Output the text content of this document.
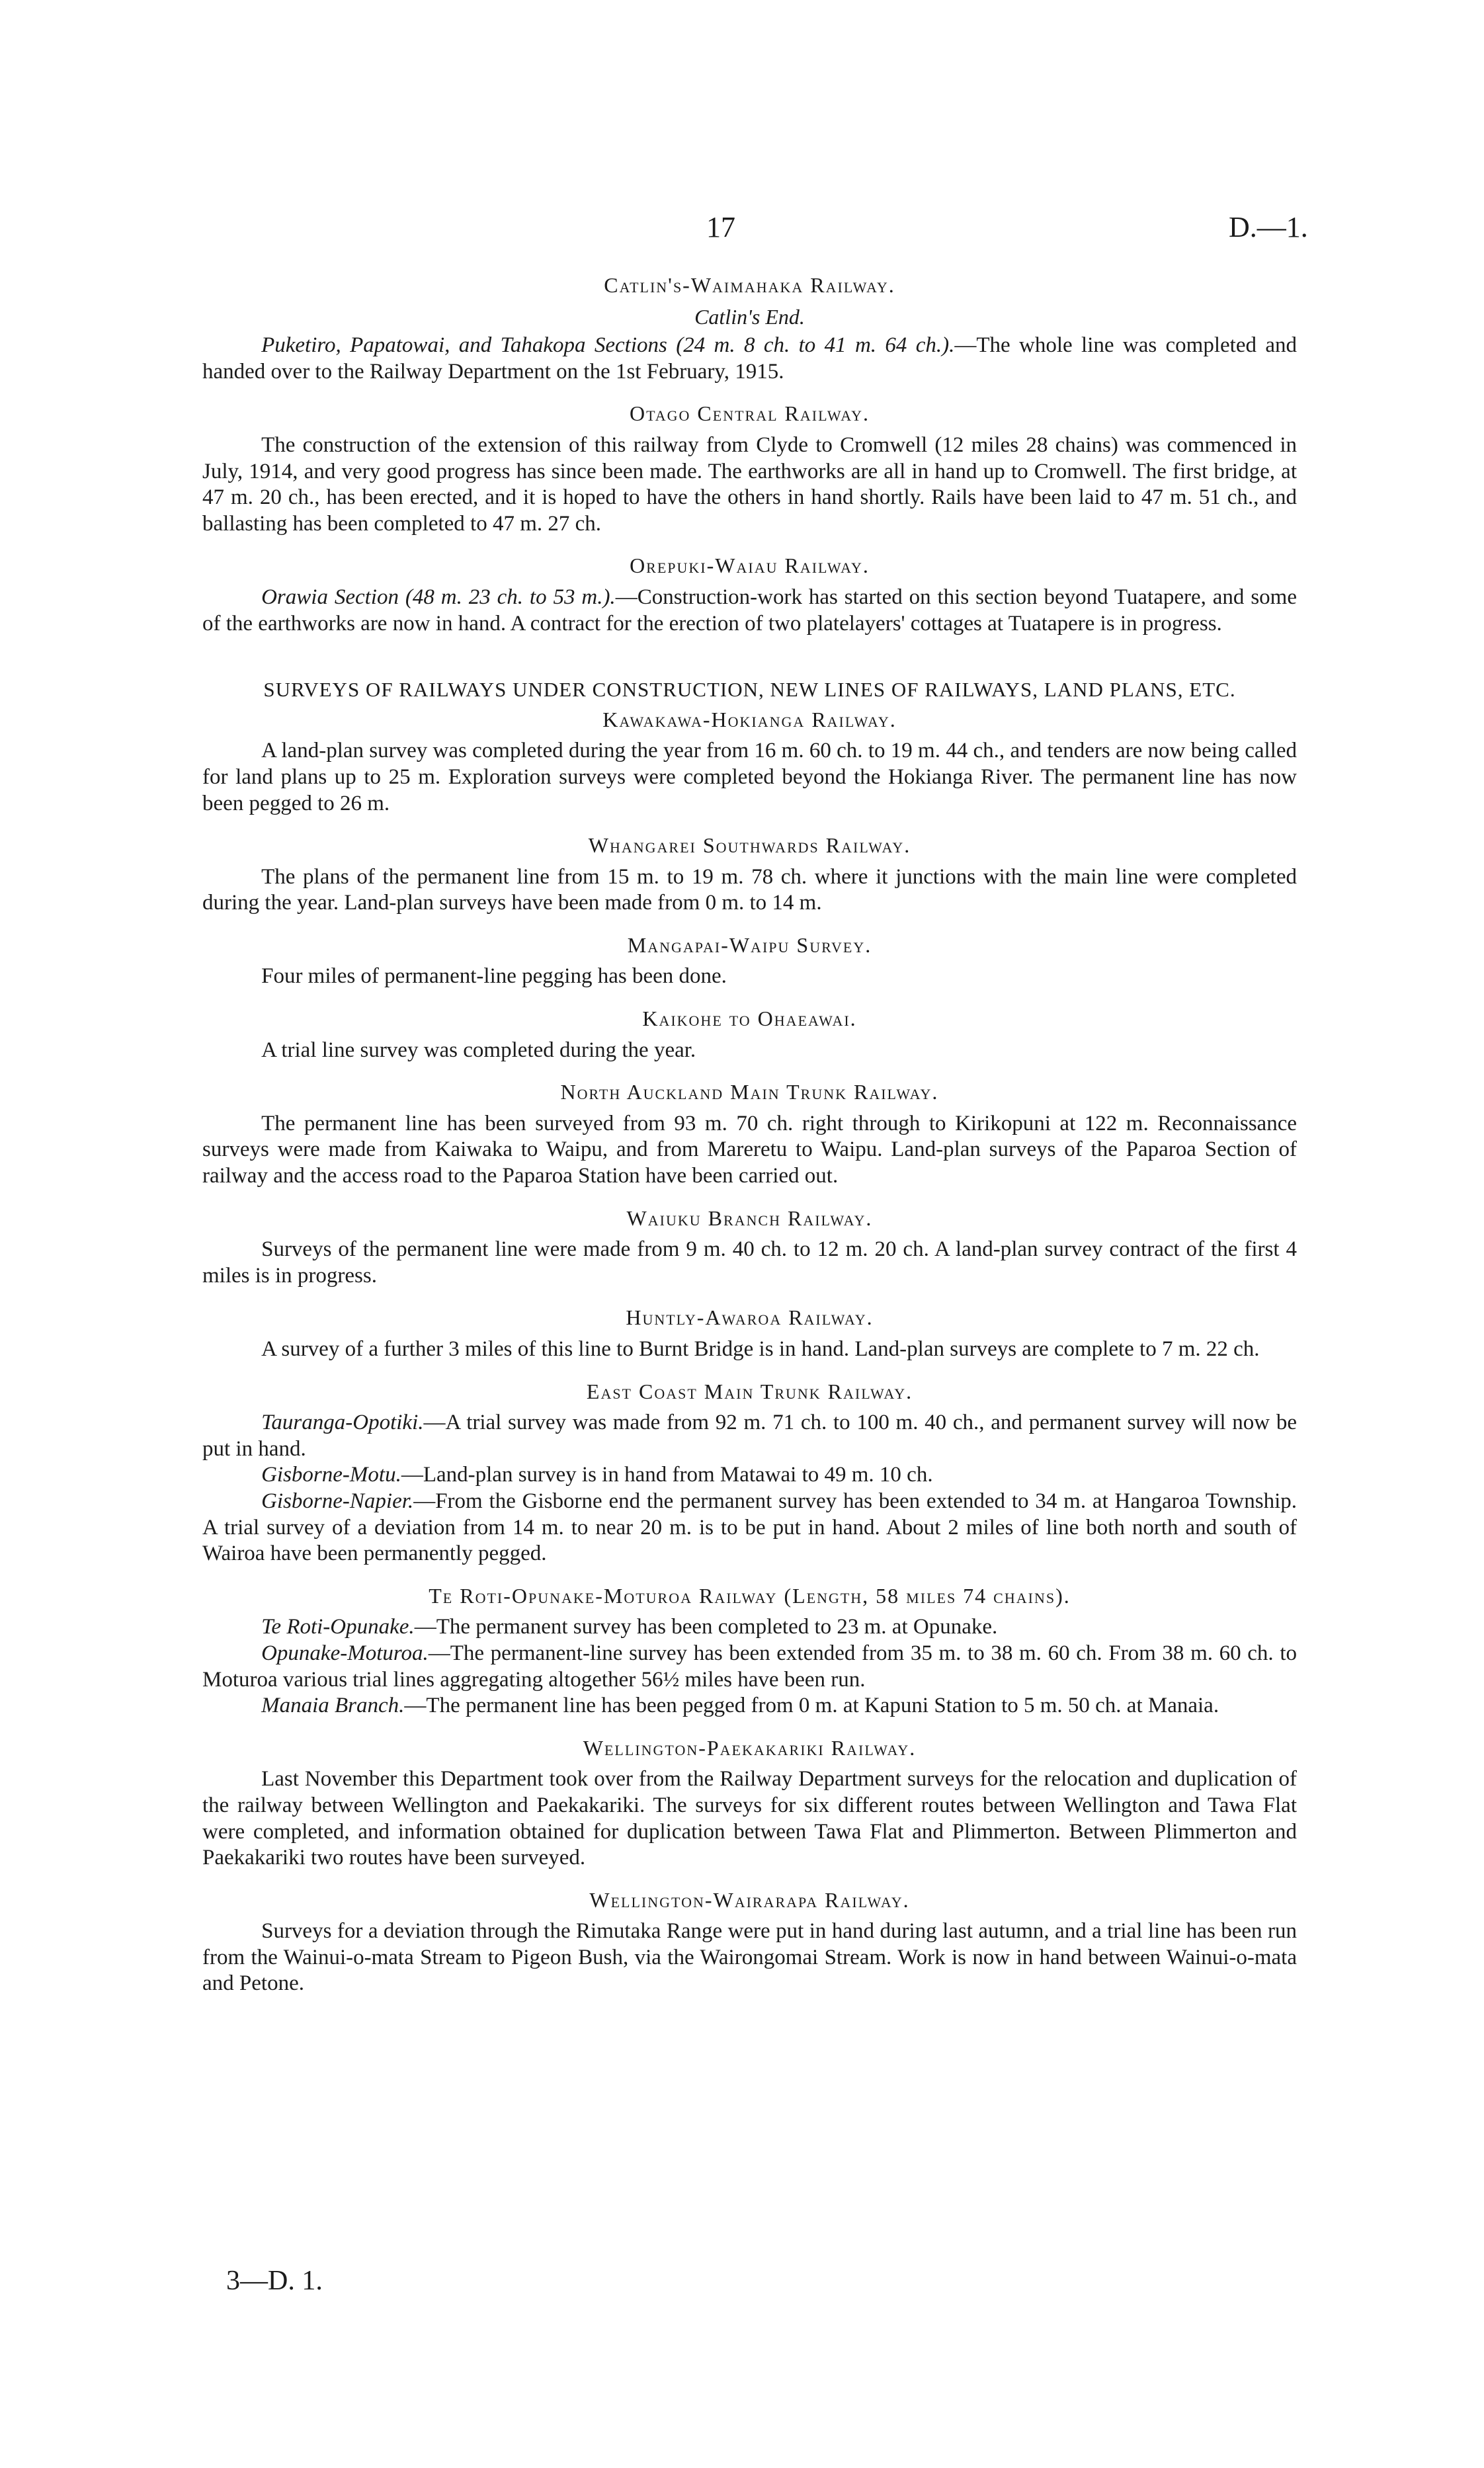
17	D.—1.
Catlin's-Waimahaka Railway.
Catlin's End.

Puketiro, Papatowai, and Tahakopa Sections (24 m. 8 ch. to 41 m. 64 ch.).—The whole line was completed and handed over to the Railway Department on the 1st February, 1915.

Otago Central Railway.

The construction of the extension of this railway from Clyde to Cromwell (12 miles 28 chains) was commenced in July, 1914, and very good progress has since been made. The earthworks are all in hand up to Cromwell. The first bridge, at 47 m. 20 ch., has been erected, and it is hoped to have the others in hand shortly. Rails have been laid to 47 m. 51 ch., and ballasting has been completed to 47 m. 27 ch.

Orepuki-Waiau Railway.

Orawia Section (48 m. 23 ch. to 53 m.).—Construction-work has started on this section beyond Tuatapere, and some of the earthworks are now in hand. A contract for the erection of two platelayers' cottages at Tuatapere is in progress.

SURVEYS OF RAILWAYS UNDER CONSTRUCTION, NEW LINES OF RAILWAYS, LAND PLANS, ETC.
Kawakawa-Hokianga Railway.

A land-plan survey was completed during the year from 16 m. 60 ch. to 19 m. 44 ch., and tenders are now being called for land plans up to 25 m. Exploration surveys were completed beyond the Hokianga River. The permanent line has now been pegged to 26 m.

Whangarei Southwards Railway.

The plans of the permanent line from 15 m. to 19 m. 78 ch. where it junctions with the main line were completed during the year. Land-plan surveys have been made from 0 m. to 14 m.

Mangapai-Waipu Survey.

Four miles of permanent-line pegging has been done.

Kaikohe to Ohaeawai.

A trial line survey was completed during the year.

North Auckland Main Trunk Railway.

The permanent line has been surveyed from 93 m. 70 ch. right through to Kirikopuni at 122 m. Reconnaissance surveys were made from Kaiwaka to Waipu, and from Mareretu to Waipu. Land-plan surveys of the Paparoa Section of railway and the access road to the Paparoa Station have been carried out.

Waiuku Branch Railway.

Surveys of the permanent line were made from 9 m. 40 ch. to 12 m. 20 ch. A land-plan survey contract of the first 4 miles is in progress.

Huntly-Awaroa Railway.

A survey of a further 3 miles of this line to Burnt Bridge is in hand. Land-plan surveys are complete to 7 m. 22 ch.

East Coast Main Trunk Railway.

Tauranga-Opotiki.—A trial survey was made from 92 m. 71 ch. to 100 m. 40 ch., and permanent survey will now be put in hand.

Gisborne-Motu.—Land-plan survey is in hand from Matawai to 49 m. 10 ch.

Gisborne-Napier.—From the Gisborne end the permanent survey has been extended to 34 m. at Hangaroa Township. A trial survey of a deviation from 14 m. to near 20 m. is to be put in hand. About 2 miles of line both north and south of Wairoa have been permanently pegged.

Te Roti-Opunake-Moturoa Railway (Length, 58 miles 74 chains).

Te Roti-Opunake.—The permanent survey has been completed to 23 m. at Opunake.

Opunake-Moturoa.—The permanent-line survey has been extended from 35 m. to 38 m. 60 ch. From 38 m. 60 ch. to Moturoa various trial lines aggregating altogether 56½ miles have been run.

Manaia Branch.—The permanent line has been pegged from 0 m. at Kapuni Station to 5 m. 50 ch. at Manaia.

Wellington-Paekakariki Railway.

Last November this Department took over from the Railway Department surveys for the relocation and duplication of the railway between Wellington and Paekakariki. The surveys for six different routes between Wellington and Tawa Flat were completed, and information obtained for duplication between Tawa Flat and Plimmerton. Between Plimmerton and Paekakariki two routes have been surveyed.

Wellington-Wairarapa Railway.

Surveys for a deviation through the Rimutaka Range were put in hand during last autumn, and a trial line has been run from the Wainui-o-mata Stream to Pigeon Bush, via the Wairongomai Stream. Work is now in hand between Wainui-o-mata and Petone.

3—D. 1.
